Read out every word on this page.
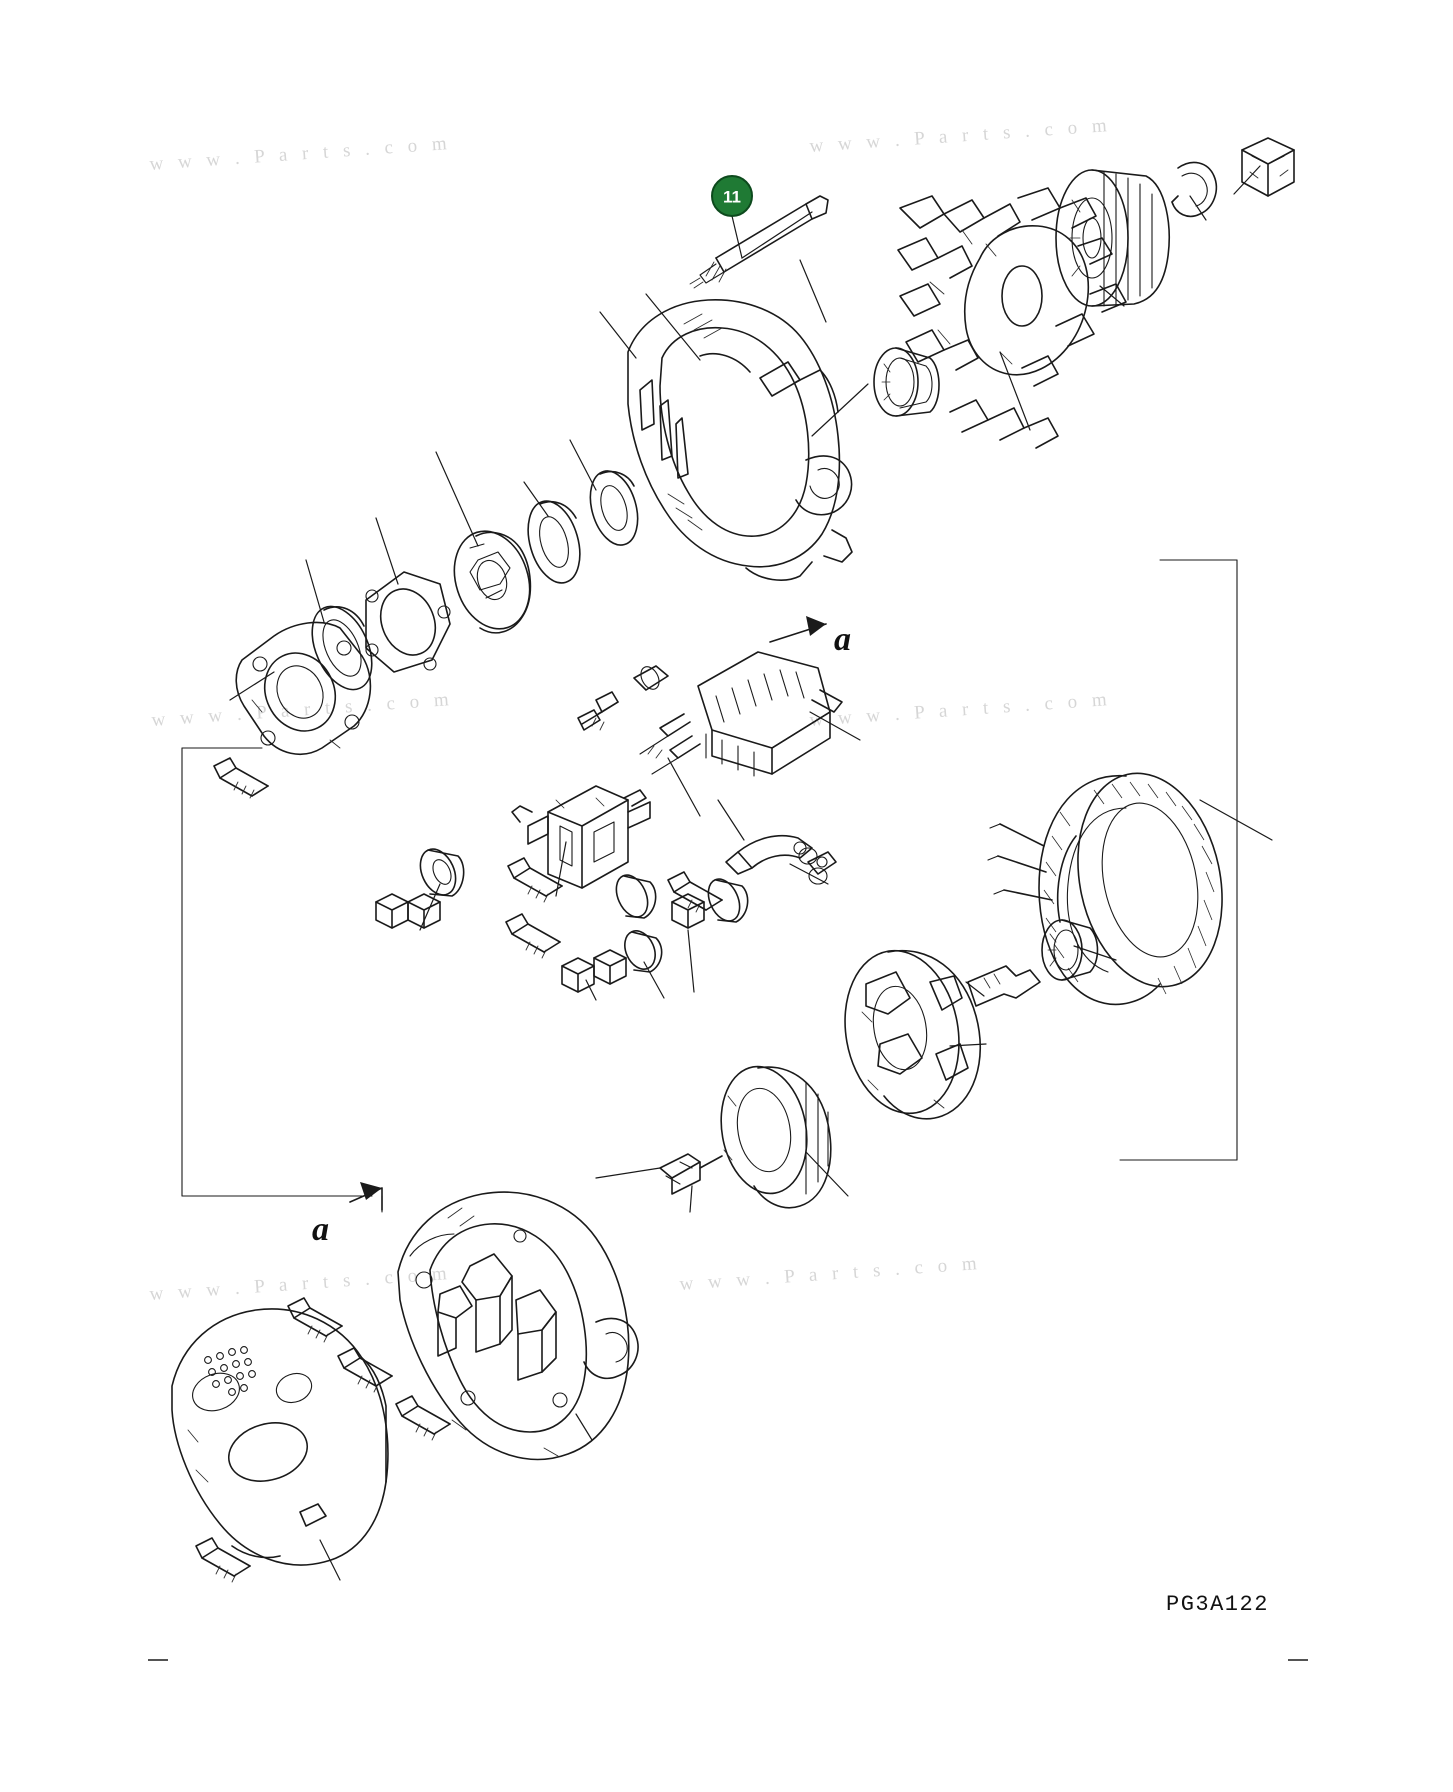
w w w . P a r t s . c o m	w w w . P a r t s . c o m
w w w . P a r t s . c o m	w w w . P a r t s . c o m
w w w . P a r t s . c o m	w w w . P a r t s . c o m
a
a
11
PG3A122
